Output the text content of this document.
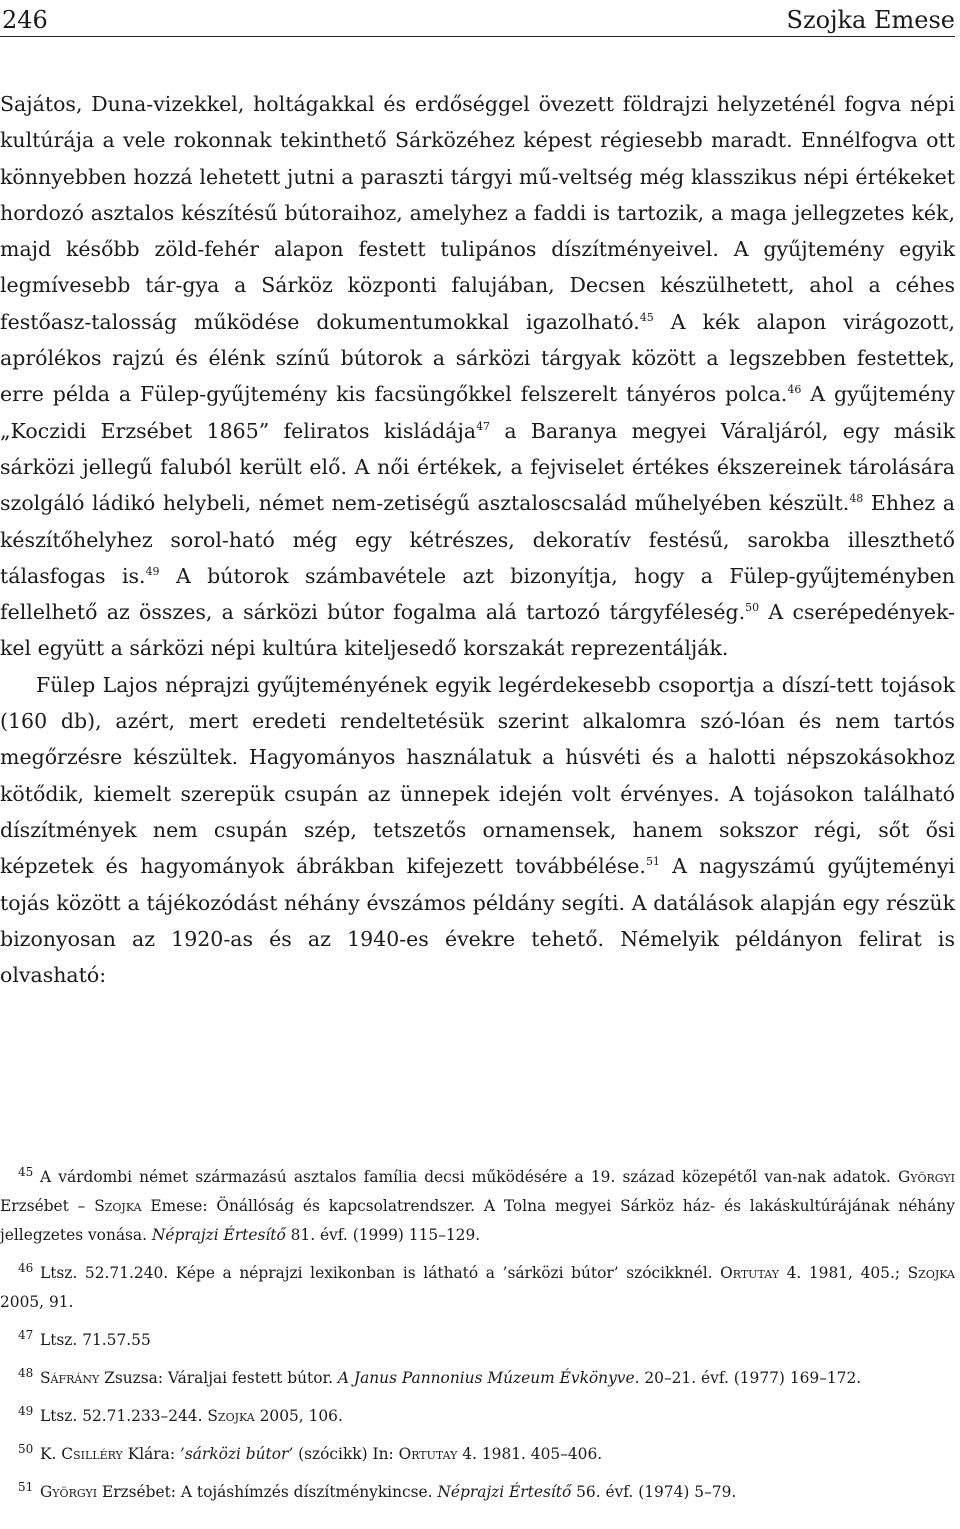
246	Szojka Emese

Sajátos, Duna-vizekkel, holtágakkal és erdőséggel övezett földrajzi helyzeténél fogva népi kultúrája a vele rokonnak tekinthető Sárközéhez képest régiesebb maradt. Ennélfogva ott könnyebben hozzá lehetett jutni a paraszti tárgyi mű-veltség még klasszikus népi értékeket hordozó asztalos készítésű bútoraihoz, amelyhez a faddi is tartozik, a maga jellegzetes kék, majd később zöld-fehér alapon festett tulipános díszítményeivel. A gyűjtemény egyik legmívesebb tár-gya a Sárköz központi falujában, Decsen készülhetett, ahol a céhes festőasz-talosság működése dokumentumokkal igazolható.$^{45}$ A kék alapon virágozott, aprólékos rajzú és élénk színű bútorok a sárközi tárgyak között a legszebben festettek, erre példa a Fülep-gyűjtemény kis facsüngőkkel felszerelt tányéros polca.$^{46}$ A gyűjtemény „Koczidi Erzsébet 1865” feliratos kisládája$^{47}$ a Baranya megyei Váraljáról, egy másik sárközi jellegű faluból került elő. A női értékek, a fejviselet értékes ékszereinek tárolására szolgáló ládikó helybeli, német nem-zetiségű asztaloscsalád műhelyében készült.$^{48}$ Ehhez a készítőhelyhez sorol-ható még egy kétrészes, dekoratív festésű, sarokba illeszthető tálasfogas is.$^{49}$ A bútorok számbavétele azt bizonyítja, hogy a Fülep-gyűjteményben fellelhető az összes, a sárközi bútor fogalma alá tartozó tárgyféleség.$^{50}$ A cserépedények-kel együtt a sárközi népi kultúra kiteljesedő korszakát reprezentálják.

Fülep Lajos néprajzi gyűjteményének egyik legérdekesebb csoportja a díszí-tett tojások (160 db), azért, mert eredeti rendeltetésük szerint alkalomra szó-lóan és nem tartós megőrzésre készültek. Hagyományos használatuk a húsvéti és a halotti népszokásokhoz kötődik, kiemelt szerepük csupán az ünnepek idején volt érvényes. A tojásokon található díszítmények nem csupán szép, tetszetős ornamensek, hanem sokszor régi, sőt ősi képzetek és hagyományok ábrákban kifejezett továbbélése.$^{51}$ A nagyszámú gyűjteményi tojás között a tájékozódást néhány évszámos példány segíti. A datálások alapján egy részük bizonyosan az 1920-as és az 1940-es évekre tehető. Némelyik példányon felirat is olvasható:

45 A várdombi német származású asztalos família decsi működésére a 19. század közepétől van-nak adatok. Györgyi Erzsébet – Szojka Emese: Önállóság és kapcsolatrendszer. A Tolna megyei Sárköz ház- és lakáskultúrájának néhány jellegzetes vonása. Néprajzi Értesítő 81. évf. (1999) 115–129.

46 Ltsz. 52.71.240. Képe a néprajzi lexikonban is látható a ’sárközi bútor’ szócikknél. Ortutay 4. 1981, 405.; Szojka 2005, 91.

47 Ltsz. 71.57.55

48 Sáfrány Zsuzsa: Váraljai festett bútor. A Janus Pannonius Múzeum Évkönyve. 20–21. évf. (1977) 169–172.

49 Ltsz. 52.71.233–244. Szojka 2005, 106.

50 K. Csilléry Klára: ’sárközi bútor’ (szócikk) In: Ortutay 4. 1981. 405–406.

51 Györgyi Erzsébet: A tojáshímzés díszítménykincse. Néprajzi Értesítő 56. évf. (1974) 5–79.
